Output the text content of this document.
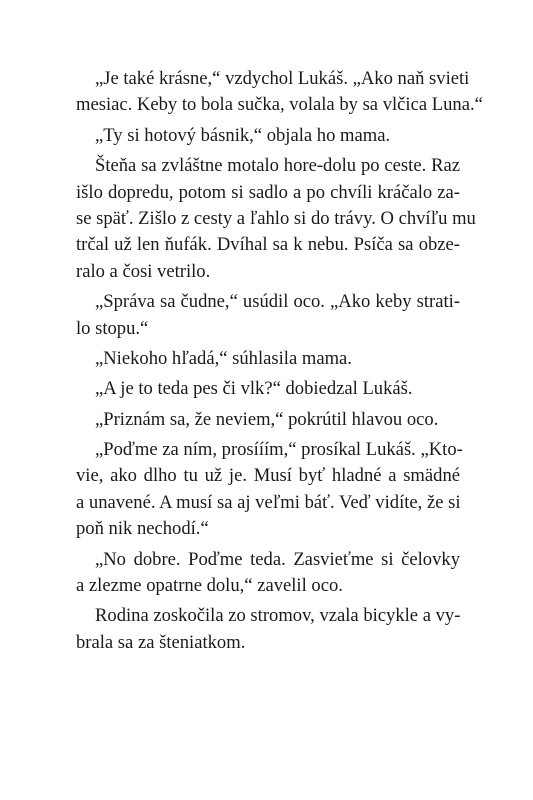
„Je také krásne,“ vzdychol Lukáš. „Ako naň svieti
mesiac. Keby to bola sučka, volala by sa vlčica Luna.“
„Ty si hotový básnik,“ objala ho mama.
Šteňa sa zvláštne motalo hore-dolu po ceste. Raz
išlo dopredu, potom si sadlo a po chvíli kráčalo za-
se späť. Zišlo z cesty a ľahlo si do trávy. O chvíľu mu
trčal už len ňufák. Dvíhal sa k nebu. Psíča sa obze-
ralo a čosi vetrilo.
„Správa sa čudne,“ usúdil oco. „Ako keby strati-
lo stopu.“
„Niekoho hľadá,“ súhlasila mama.
„A je to teda pes či vlk?“ dobiedzal Lukáš.
„Priznám sa, že neviem,“ pokrútil hlavou oco.
„Poďme za ním, prosííím,“ prosíkal Lukáš. „Kto-
vie, ako dlho tu už je. Musí byť hladné a smädné
a unavené. A musí sa aj veľmi báť. Veď vidíte, že si
poň nik nechodí.“
„No dobre. Poďme teda. Zasvieťme si čelovky
a zlezme opatrne dolu,“ zavelil oco.
Rodina zoskočila zo stromov, vzala bicykle a vy-
brala sa za šteniatkom.
